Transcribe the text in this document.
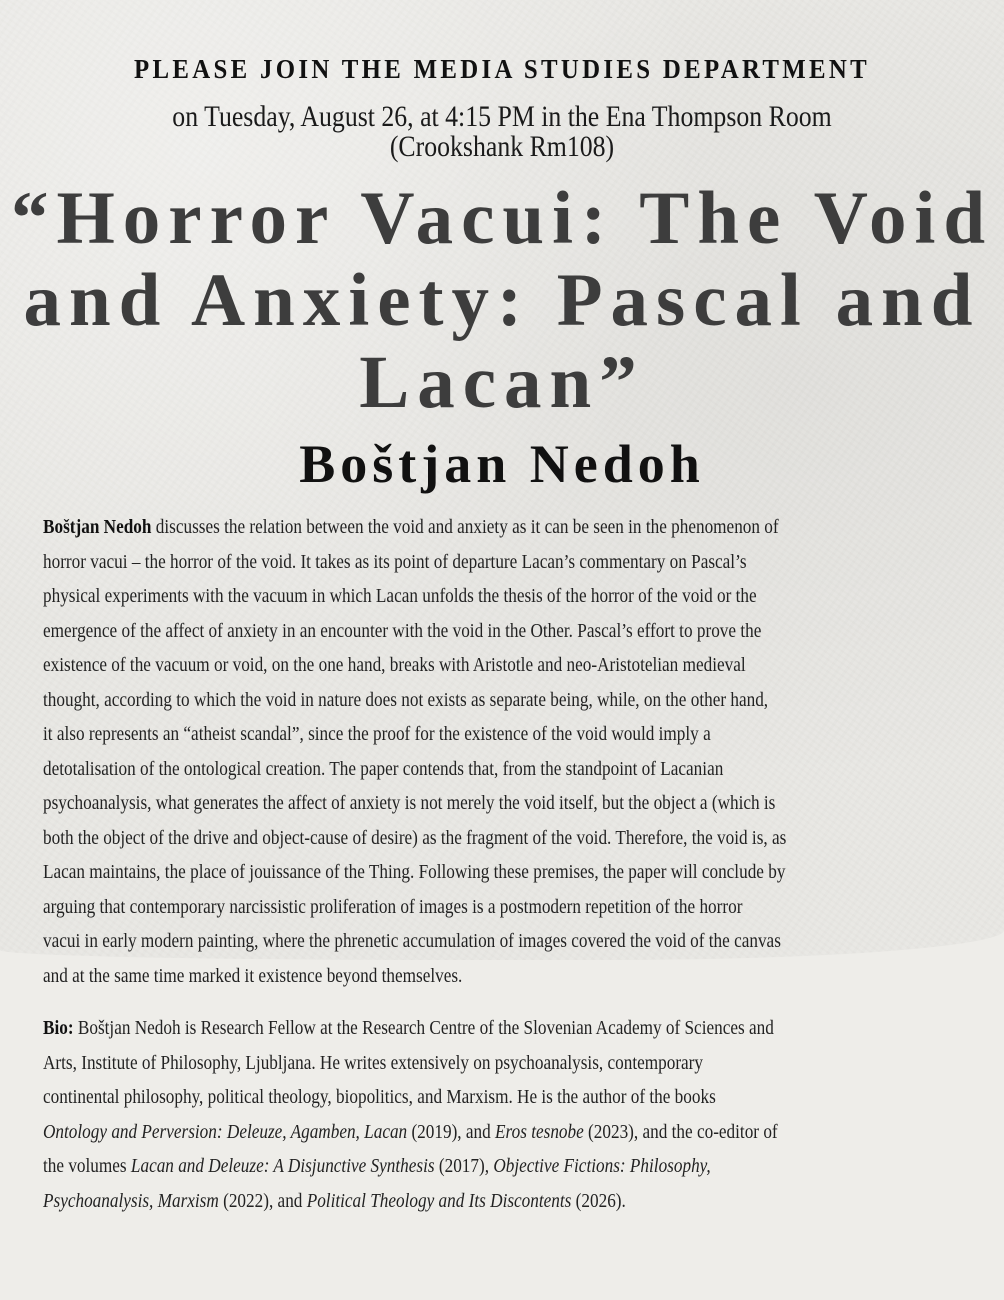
PLEASE JOIN THE MEDIA STUDIES DEPARTMENT
on Tuesday, August 26, at 4:15 PM in the Ena Thompson Room
(Crookshank Rm108)
“Horror Vacui: The Void
and Anxiety: Pascal and
Lacan”
Boštjan Nedoh
Boštjan Nedoh discusses the relation between the void and anxiety as it can be seen in the phenomenon of
horror vacui – the horror of the void. It takes as its point of departure Lacan’s commentary on Pascal’s
physical experiments with the vacuum in which Lacan unfolds the thesis of the horror of the void or the
emergence of the affect of anxiety in an encounter with the void in the Other. Pascal’s effort to prove the
existence of the vacuum or void, on the one hand, breaks with Aristotle and neo-Aristotelian medieval
thought, according to which the void in nature does not exists as separate being, while, on the other hand,
it also represents an “atheist scandal”, since the proof for the existence of the void would imply a
detotalisation of the ontological creation. The paper contends that, from the standpoint of Lacanian
psychoanalysis, what generates the affect of anxiety is not merely the void itself, but the object a (which is
both the object of the drive and object-cause of desire) as the fragment of the void. Therefore, the void is, as
Lacan maintains, the place of jouissance of the Thing. Following these premises, the paper will conclude by
arguing that contemporary narcissistic proliferation of images is a postmodern repetition of the horror
vacui in early modern painting, where the phrenetic accumulation of images covered the void of the canvas
and at the same time marked it existence beyond themselves.
Bio: Boštjan Nedoh is Research Fellow at the Research Centre of the Slovenian Academy of Sciences and
Arts, Institute of Philosophy, Ljubljana. He writes extensively on psychoanalysis, contemporary
continental philosophy, political theology, biopolitics, and Marxism. He is the author of the books
Ontology and Perversion: Deleuze, Agamben, Lacan (2019), and Eros tesnobe (2023), and the co-editor of
the volumes Lacan and Deleuze: A Disjunctive Synthesis (2017), Objective Fictions: Philosophy,
Psychoanalysis, Marxism (2022), and Political Theology and Its Discontents (2026).
